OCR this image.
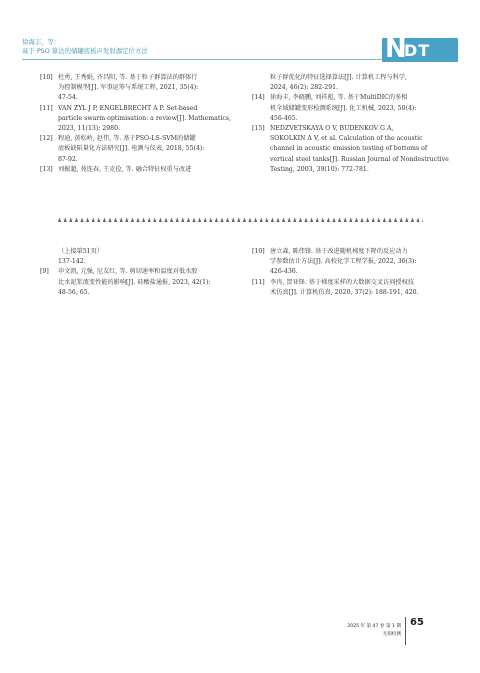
徐海丰，等：
基于 PSO 算法的储罐底板声发射源定位方法	N
DT
[10] 杜勇, 王秀娟, 齐昌阳, 等. 基于粒子群算法的群体行
为控制模型[J]. 军事运筹与系统工程, 2021, 35(4):
47-54.
[11] VAN ZYL J P, ENGELBRECHT A P. Set-based
particle swarm optimisation: a review[J]. Mathematics,
2023, 11(13): 2980.
[12] 程迪, 黄松岭, 赵伟, 等. 基于PSO-LS-SVM的储罐
底板缺陷量化方法研究[J]. 电测与仪表, 2018, 55(4):
87-92.
[13] 刘振超, 苑连春, 王克俭, 等. 融合特征权重与改进
粒子群优化的特征选择算法[J]. 计算机工程与科学,
2024, 46(2): 282-291.
[14] 徐海丰, 李晓鹏, 刘祥彪, 等. 基于MultiDIC的多相
机全域储罐变形检测系统[J]. 化工机械, 2023, 50(4):
456-465.
[15] NEDZVETSKAYA O V, BUDENKOV G A,
SOKOLKIN A V, et al. Calculation of the acoustic
channel in acoustic emission testing of bottoms of
vertical steel tanks[J]. Russian Journal of Nondestructive
Testing, 2003, 39(10): 772-781.
（上接第51页）
137-142.
[9] 申文凯, 元强, 尼友红, 等. 剪切速率和温度对低水胶
比水泥浆流变性能的影响[J]. 硅酸盐通报, 2023, 42(1):
48-56, 65.
[10] 唐立森, 陈伟锋. 基于改进随机梯度下降的反应动力
学参数估计方法[J]. 高校化学工程学报, 2022, 36(3):
426-436.
[11] 李冉, 贺亚锋. 基于梯度采样的大数据交叉访问授权技
术仿真[J]. 计算机仿真, 2020, 37(2): 188-191, 420.
2025 年 第 47 卷 第 1 期
无损检测
65
